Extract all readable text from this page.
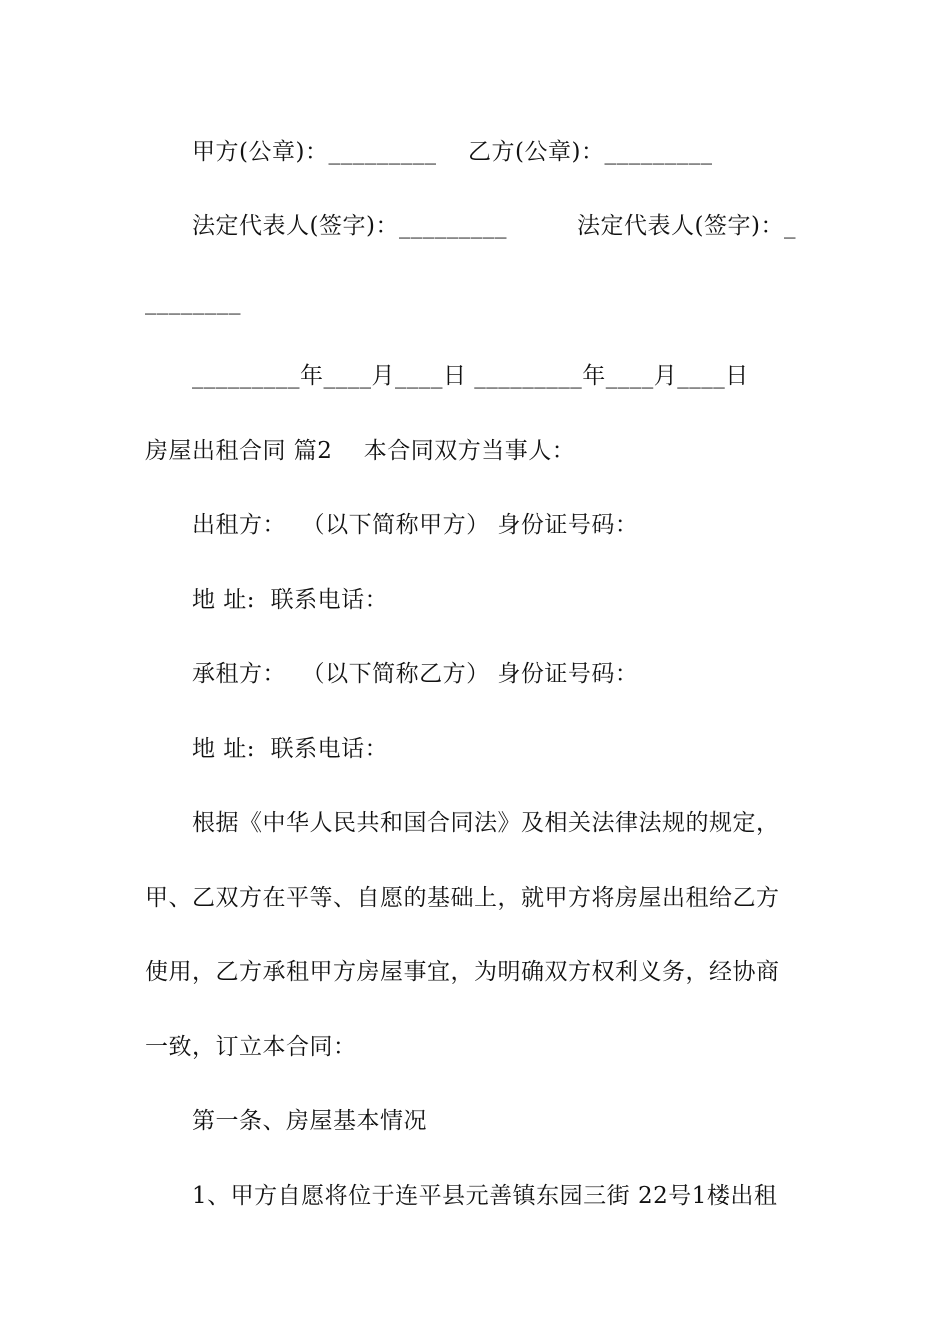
甲方(公章)：_________ 乙方(公章)：_________
法定代表人(签字)：_________	法定代表人(签字)：_
________
_________年____月____日 _________年____月____日
房屋出租合同 篇2    本合同双方当事人：
出租方：  （以下简称甲方） 身份证号码：
地 址:  联系电话：
承租方：  （以下简称乙方） 身份证号码：
地 址:  联系电话：
根据《中华人民共和国合同法》及相关法律法规的规定，
甲、乙双方在平等、自愿的基础上，就甲方将房屋出租给乙方
使用，乙方承租甲方房屋事宜，为明确双方权利义务，经协商
一致，订立本合同：
第一条、房屋基本情况
1、甲方自愿将位于连平县元善镇东园三街 22号1楼出租
